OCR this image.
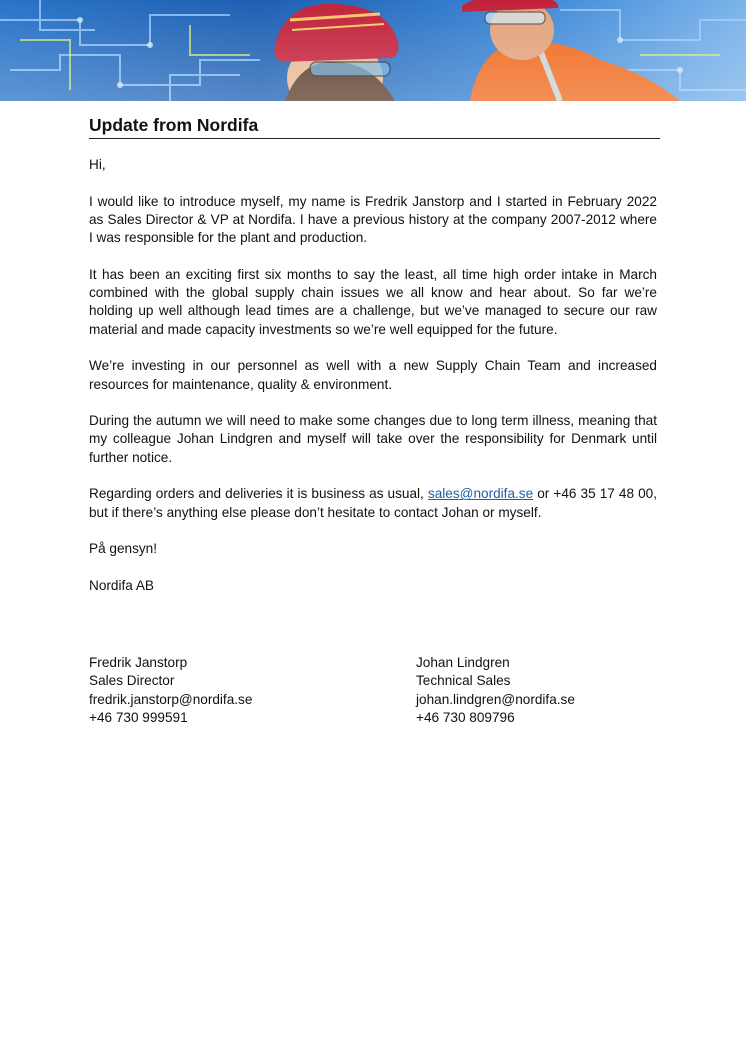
Update from Nordifa

Hi,

I would like to introduce myself, my name is Fredrik Janstorp and I started in February 2022 as Sales Director & VP at Nordifa. I have a previous history at the company 2007-2012 where I was responsible for the plant and production.

It has been an exciting first six months to say the least, all time high order intake in March combined with the global supply chain issues we all know and hear about. So far we’re holding up well although lead times are a challenge, but we’ve managed to secure our raw material and made capacity investments so we’re well equipped for the future.

We’re investing in our personnel as well with a new Supply Chain Team and increased resources for maintenance, quality & environment.

During the autumn we will need to make some changes due to long term illness, meaning that my colleague Johan Lindgren and myself will take over the responsibility for Denmark until further notice.

Regarding orders and deliveries it is business as usual, sales@nordifa.se or +46 35 17 48 00, but if there’s anything else please don’t hesitate to contact Johan or myself.

På gensyn!

Nordifa AB

Fredrik Janstorp
Sales Director
fredrik.janstorp@nordifa.se
+46 730 999591
Johan Lindgren
Technical Sales
johan.lindgren@nordifa.se
+46 730 809796
